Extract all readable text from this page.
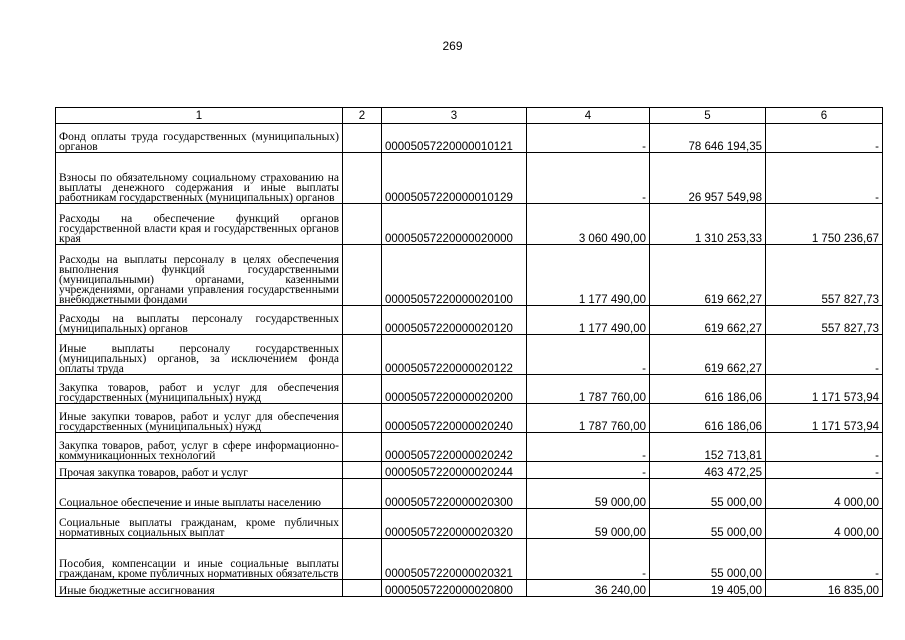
269
1	2	3	4	5	6
Фонд оплаты труда государственных (муниципальных) органов		00005057220000010121	-	78 646 194,35	-
Взносы по обязательному социальному страхованию на выплаты денежного содержания и иные выплаты работникам государственных (муниципальных) органов		00005057220000010129	-	26 957 549,98	-
Расходы на обеспечение функций органов государственной власти края и государственных органов края		00005057220000020000	3 060 490,00	1 310 253,33	1 750 236,67
Расходы на выплаты персоналу в целях обеспечения выполнения функций государственными (муниципальными) органами, казенными учреждениями, органами управления государственными внебюджетными фондами		00005057220000020100	1 177 490,00	619 662,27	557 827,73
Расходы на выплаты персоналу государственных (муниципальных) органов		00005057220000020120	1 177 490,00	619 662,27	557 827,73
Иные выплаты персоналу государственных (муниципальных) органов, за исключением фонда оплаты труда		00005057220000020122	-	619 662,27	-
Закупка товаров, работ и услуг для обеспечения государственных (муниципальных) нужд		00005057220000020200	1 787 760,00	616 186,06	1 171 573,94
Иные закупки товаров, работ и услуг для обеспечения государственных (муниципальных) нужд		00005057220000020240	1 787 760,00	616 186,06	1 171 573,94
Закупка товаров, работ, услуг в сфере информационно-коммуникационных технологий		00005057220000020242	-	152 713,81	-
Прочая закупка товаров, работ и услуг		00005057220000020244	-	463 472,25	-
Социальное обеспечение и иные выплаты населению		00005057220000020300	59 000,00	55 000,00	4 000,00
Социальные выплаты гражданам, кроме публичных нормативных социальных выплат		00005057220000020320	59 000,00	55 000,00	4 000,00
Пособия, компенсации и иные социальные выплаты гражданам, кроме публичных нормативных обязательств		00005057220000020321	-	55 000,00	-
Иные бюджетные ассигнования		00005057220000020800	36 240,00	19 405,00	16 835,00
